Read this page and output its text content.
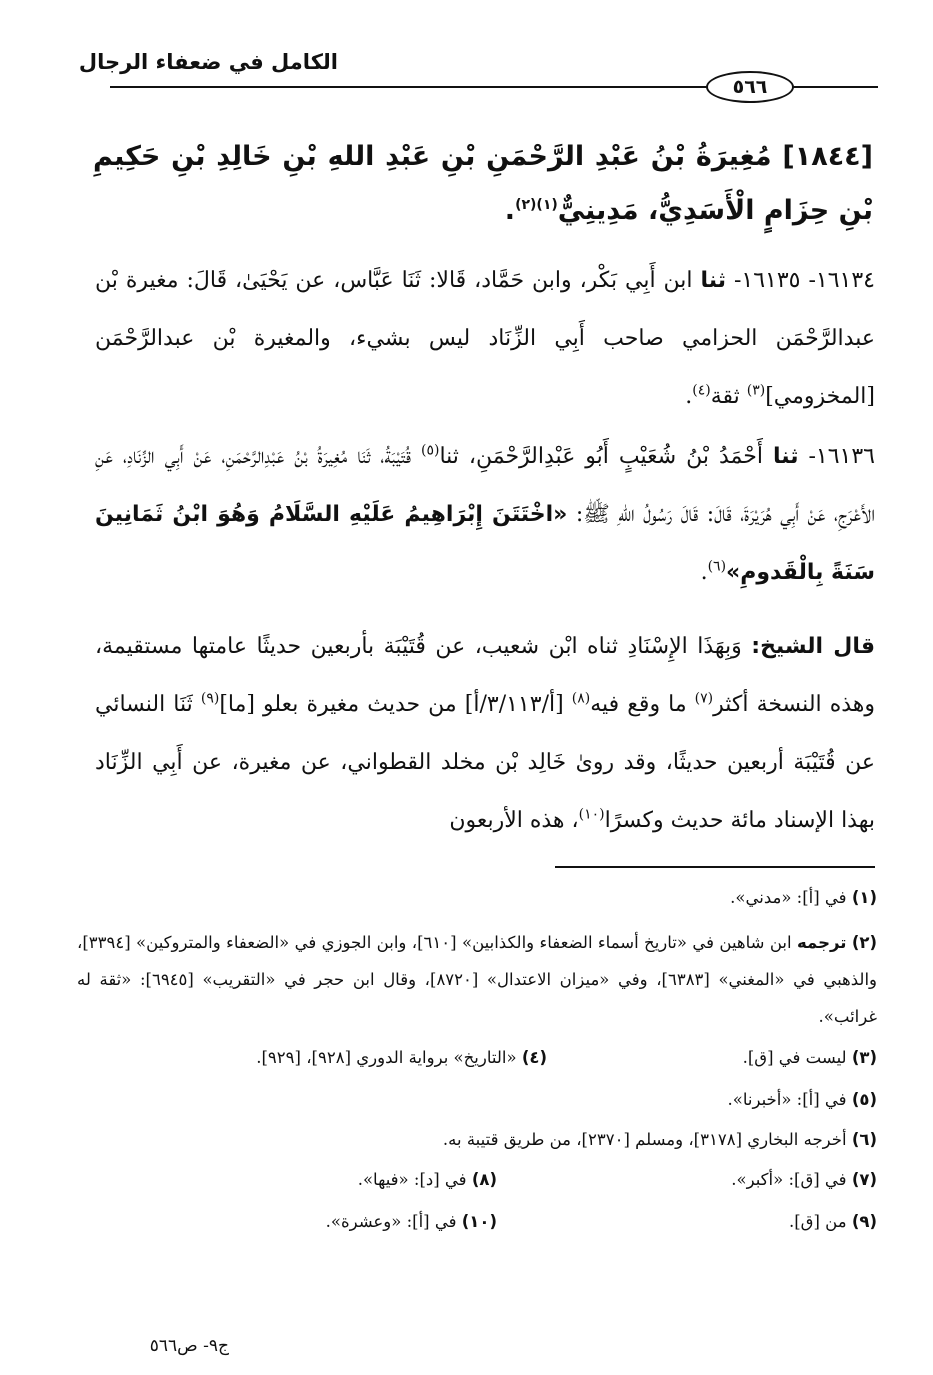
الكامل في ضعفاء الرجال
٥٦٦
[١٨٤٤] مُغِيرَةُ بْنُ عَبْدِ الرَّحْمَنِ بْنِ عَبْدِ اللهِ بْنِ خَالِدِ بْنِ حَكِيمِ بْنِ حِزَامٍ الْأَسَدِيُّ، مَدِينِيٌّ$^{(١)(٢)}$.
١٦١٣٤- ١٦١٣٥- ثنا ابن أَبِي بَكْر، وابن حَمَّاد، قَالا: ثَنَا عَبَّاس، عن يَحْيَىٰ، قَالَ: مغيرة بْن عبدالرَّحْمَن الحزامي صاحب أَبِي الزِّنَاد ليس بشيء، والمغيرة بْن عبدالرَّحْمَن [المخزومي]$^{(٣)}$ ثقة$^{(٤)}$.
١٦١٣٦- ثنا أَحْمَدُ بْنُ شُعَيْبٍ أَبُو عَبْدِالرَّحْمَنِ، ثنا$^{(٥)}$ قُتَيْبَةُ، ثَنَا مُغِيرَةُ بْنُ عَبْدِالرَّحْمَنِ، عَنْ أَبِي الزِّنَادِ، عَنِ الأَعْرَجِ، عَنْ أَبِي هُرَيْرَةَ، قَالَ: قَالَ رَسُولُ اللهِ ﷺ: «اخْتَتَنَ إِبْرَاهِيمُ عَلَيْهِ السَّلَامُ وَهُوَ ابْنُ ثَمَانِينَ سَنَةً بِالْقَدومِ»$^{(٦)}$.
قال الشيخ: وَبِهَذَا الإِسْنَادِ ثناه ابْن شعيب، عن قُتَيْبَة بأربعين حديثًا عامتها مستقيمة، وهذه النسخة أكثر$^{(٧)}$ ما وقع فيه$^{(٨)}$ [أ/٣/١١٣/أ] من حديث مغيرة بعلو [ما]$^{(٩)}$ ثَنَا النسائي عن قُتَيْبَة أربعين حديثًا، وقد روىٰ خَالِد بْن مخلد القطواني، عن مغيرة، عن أَبِي الزِّنَاد بهذا الإسناد مائة حديث وكسرًا$^{(١٠)}$، هذه الأربعون
(١) في [أ]: «مدني».
(٢) ترجمه ابن شاهين في «تاريخ أسماء الضعفاء والكذابين» [٦١٠]، وابن الجوزي في «الضعفاء والمتروكين» [٣٣٩٤]، والذهبي في «المغني» [٦٣٨٣]، وفي «ميزان الاعتدال» [٨٧٢٠]، وقال ابن حجر في «التقريب» [٦٩٤٥]: «ثقة له غرائب».
(٣) ليست في [ق].
(٤) «التاريخ» برواية الدوري [٩٢٨]، [٩٢٩].
(٥) في [أ]: «أخبرنا».
(٦) أخرجه البخاري [٣١٧٨]، ومسلم [٢٣٧٠]، من طريق قتيبة به.
(٧) في [ق]: «أكبر».
(٨) في [د]: «فيها».
(٩) من [ق].
(١٠) في [أ]: «وعشرة».
ج٩- ص٥٦٦
